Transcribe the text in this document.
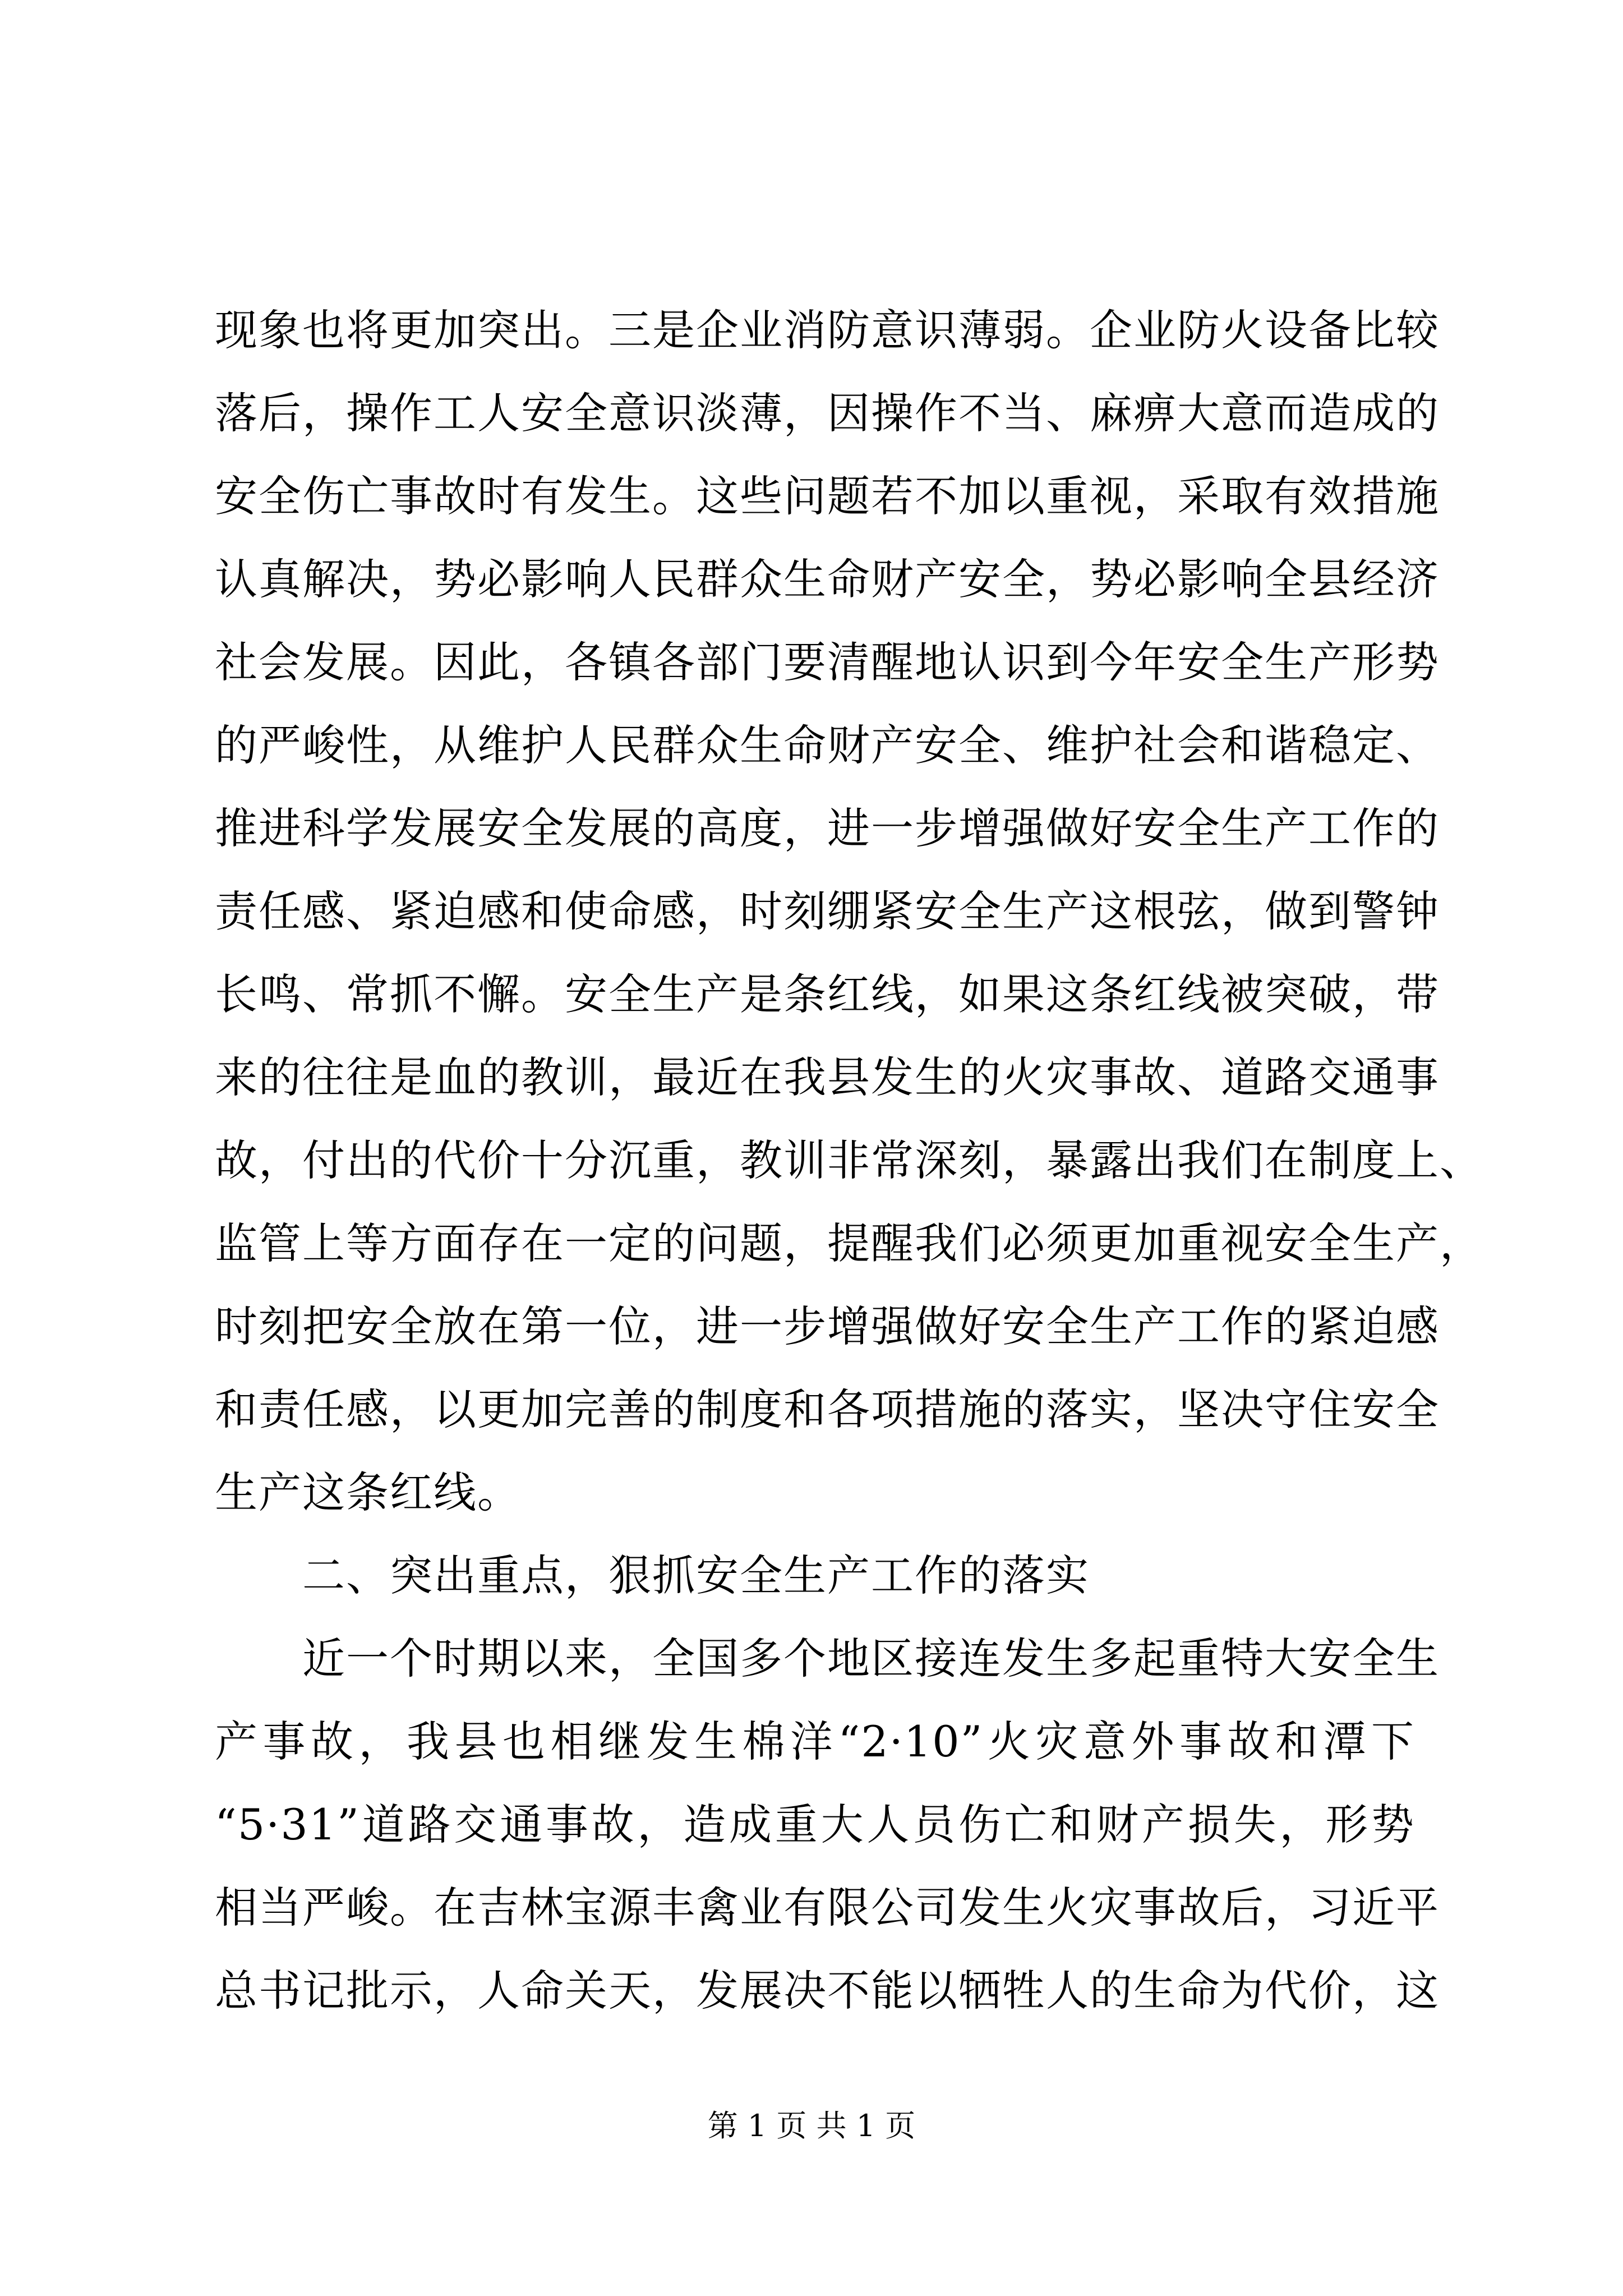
现象也将更加突出。三是企业消防意识薄弱。企业防火设备比较
落后，操作工人安全意识淡薄，因操作不当、麻痹大意而造成的
安全伤亡事故时有发生。这些问题若不加以重视，采取有效措施
认真解决，势必影响人民群众生命财产安全，势必影响全县经济
社会发展。因此，各镇各部门要清醒地认识到今年安全生产形势
的严峻性，从维护人民群众生命财产安全、维护社会和谐稳定、
推进科学发展安全发展的高度，进一步增强做好安全生产工作的
责任感、紧迫感和使命感，时刻绷紧安全生产这根弦，做到警钟
长鸣、常抓不懈。安全生产是条红线，如果这条红线被突破，带
来的往往是血的教训，最近在我县发生的火灾事故、道路交通事
故，付出的代价十分沉重，教训非常深刻，暴露出我们在制度上、
监管上等方面存在一定的问题，提醒我们必须更加重视安全生产，
时刻把安全放在第一位，进一步增强做好安全生产工作的紧迫感
和责任感，以更加完善的制度和各项措施的落实，坚决守住安全
生产这条红线。
二、突出重点，狠抓安全生产工作的落实
近一个时期以来，全国多个地区接连发生多起重特大安全生
产事故，我县也相继发生棉洋“2·10”火灾意外事故和潭下
“5·31”道路交通事故，造成重大人员伤亡和财产损失，形势
相当严峻。在吉林宝源丰禽业有限公司发生火灾事故后，习近平
总书记批示，人命关天，发展决不能以牺牲人的生命为代价，这
第 1 页 共 1 页
